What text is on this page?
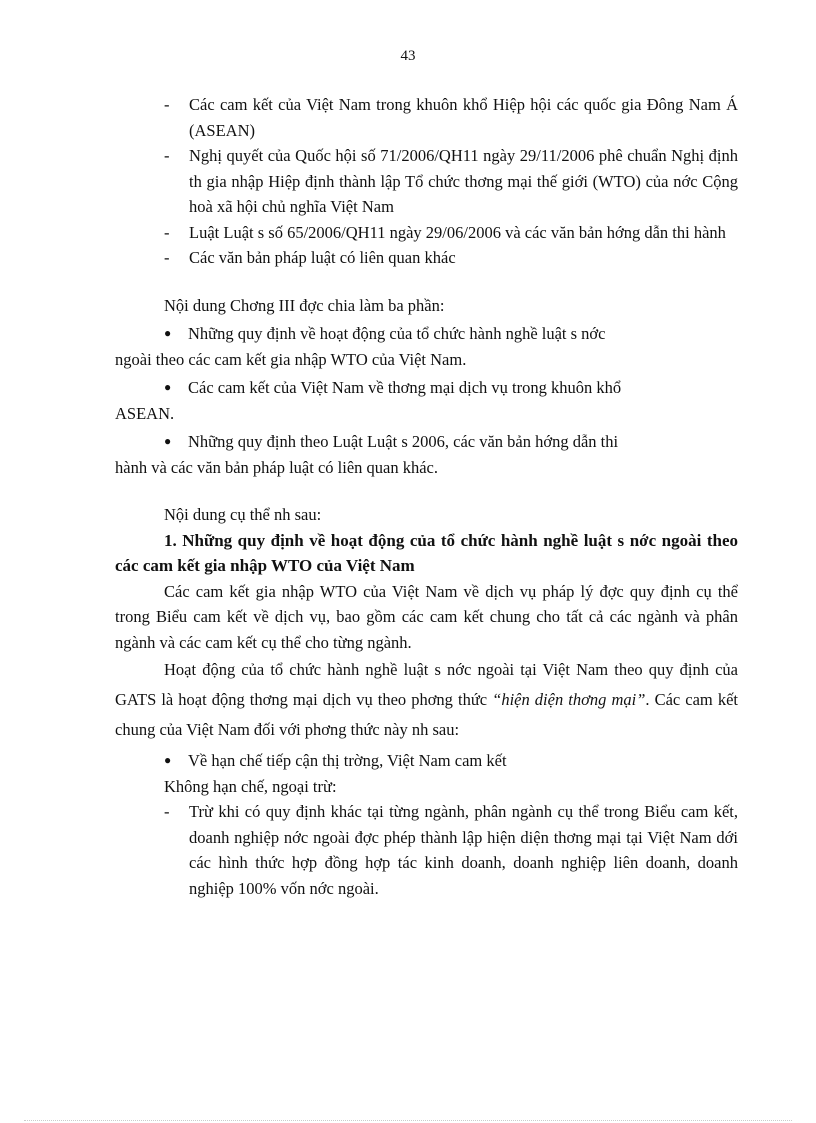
43
-	Các cam kết của Việt Nam trong khuôn khổ Hiệp hội các quốc gia Đông Nam Á (ASEAN)
-	Nghị quyết của Quốc hội số 71/2006/QH11 ngày 29/11/2006 phê chuẩn Nghị định th gia nhập Hiệp định thành lập Tổ chức thơng mại thế giới (WTO) của nớc Cộng hoà xã hội chủ nghĩa Việt Nam
-	Luật Luật s số 65/2006/QH11 ngày 29/06/2006 và các văn bản hớng dẫn thi hành
-	Các văn bản pháp luật có liên quan khác
Nội dung Chơng III đợc chia làm ba phần:
● Những quy định về hoạt động của tổ chức hành nghề luật s nớc
ngoài theo các cam kết gia nhập WTO của Việt Nam.
● Các cam kết của Việt Nam về thơng mại dịch vụ trong khuôn khổ
ASEAN.
● Những quy định theo Luật Luật s 2006, các văn bản hớng dẫn thi
hành và các văn bản pháp luật có liên quan khác.
Nội dung cụ thể nh sau:

1. Những quy định về hoạt động của tổ chức hành nghề luật s nớc ngoài theo các cam kết gia nhập WTO của Việt Nam

Các cam kết gia nhập WTO của Việt Nam về dịch vụ pháp lý đợc quy định cụ thể trong Biểu cam kết về dịch vụ, bao gồm các cam kết chung cho tất cả các ngành và phân ngành và các cam kết cụ thể cho từng ngành.

Hoạt động của tổ chức hành nghề luật s nớc ngoài tại Việt Nam theo quy định của GATS là hoạt động thơng mại dịch vụ theo phơng thức “hiện diện thơng mại”. Các cam kết chung của Việt Nam đối với phơng thức này nh sau:

● Về hạn chế tiếp cận thị trờng, Việt Nam cam kết
Không hạn chế, ngoại trừ:
-	Trừ khi có quy định khác tại từng ngành, phân ngành cụ thể trong Biểu cam kết, doanh nghiệp nớc ngoài đợc phép thành lập hiện diện thơng mại tại Việt Nam dới các hình thức hợp đồng hợp tác kinh doanh, doanh nghiệp liên doanh, doanh nghiệp 100% vốn nớc ngoài.
